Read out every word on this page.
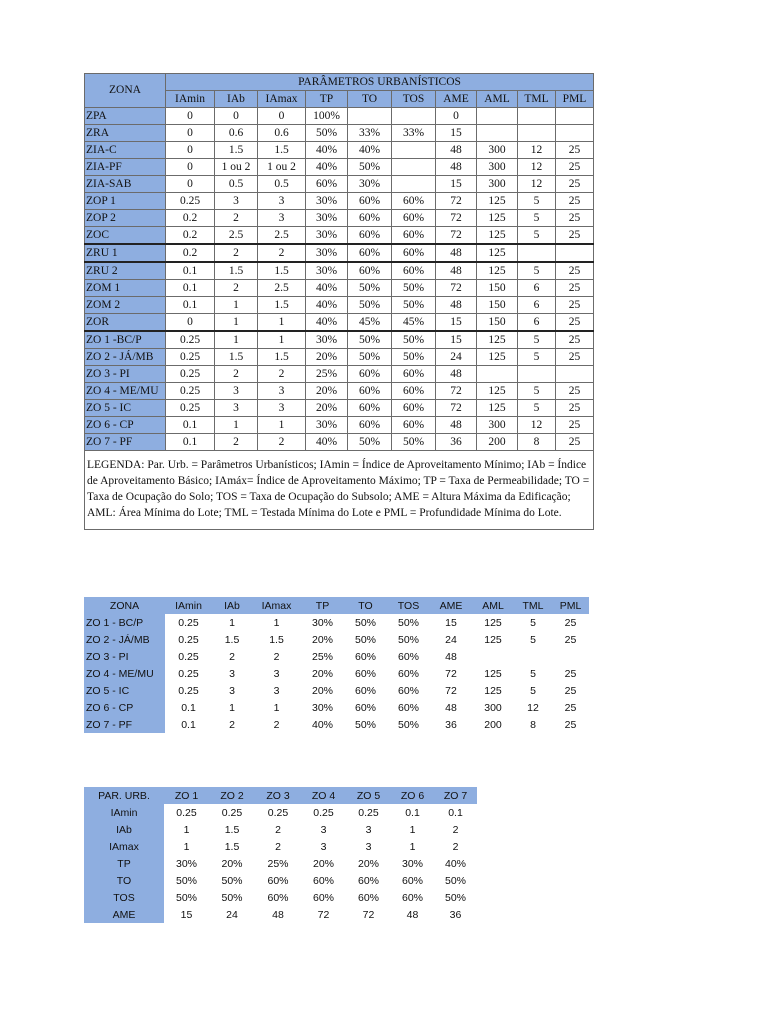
ZONA	PARÂMETROS URBANÍSTICOS									
	IAmin	IAb	IAmax	TP	TO	TOS	AME	AML	TML	PML
ZPA	0	0	0	100%			0			
ZRA	0	0.6	0.6	50%	33%	33%	15			
ZIA-C	0	1.5	1.5	40%	40%		48	300	12	25
ZIA-PF	0	1 ou 2	1 ou 2	40%	50%		48	300	12	25
ZIA-SAB	0	0.5	0.5	60%	30%		15	300	12	25
ZOP 1	0.25	3	3	30%	60%	60%	72	125	5	25
ZOP 2	0.2	2	3	30%	60%	60%	72	125	5	25
ZOC	0.2	2.5	2.5	30%	60%	60%	72	125	5	25
ZRU 1	0.2	2	2	30%	60%	60%	48	125		
ZRU 2	0.1	1.5	1.5	30%	60%	60%	48	125	5	25
ZOM 1	0.1	2	2.5	40%	50%	50%	72	150	6	25
ZOM 2	0.1	1	1.5	40%	50%	50%	48	150	6	25
ZOR	0	1	1	40%	45%	45%	15	150	6	25
ZO 1 -BC/P	0.25	1	1	30%	50%	50%	15	125	5	25
ZO 2 - JÁ/MB	0.25	1.5	1.5	20%	50%	50%	24	125	5	25
ZO 3 - PI	0.25	2	2	25%	60%	60%	48			
ZO 4 - ME/MU	0.25	3	3	20%	60%	60%	72	125	5	25
ZO 5 - IC	0.25	3	3	20%	60%	60%	72	125	5	25
ZO 6 - CP	0.1	1	1	30%	60%	60%	48	300	12	25
ZO 7 - PF	0.1	2	2	40%	50%	50%	36	200	8	25
LEGENDA: Par. Urb. = Parâmetros Urbanísticos; IAmin = Índice de Aproveitamento Mínimo; IAb = Índice de Aproveitamento Básico; IAmáx= Índice de Aproveitamento Máximo; TP = Taxa de Permeabilidade; TO = Taxa de Ocupação do Solo; TOS = Taxa de Ocupação do Subsolo; AME = Altura Máxima da Edificação; AML: Área Mínima do Lote; TML = Testada Mínima do Lote e PML = Profundidade Mínima do Lote.										
ZONA	IAmin	IAb	IAmax	TP	TO	TOS	AME	AML	TML	PML
ZO 1 - BC/P	0.25	1	1	30%	50%	50%	15	125	5	25
ZO 2 - JÁ/MB	0.25	1.5	1.5	20%	50%	50%	24	125	5	25
ZO 3 - PI	0.25	2	2	25%	60%	60%	48			
ZO 4 - ME/MU	0.25	3	3	20%	60%	60%	72	125	5	25
ZO 5 - IC	0.25	3	3	20%	60%	60%	72	125	5	25
ZO 6 - CP	0.1	1	1	30%	60%	60%	48	300	12	25
ZO 7 - PF	0.1	2	2	40%	50%	50%	36	200	8	25
PAR. URB.	ZO 1	ZO 2	ZO 3	ZO 4	ZO 5	ZO 6	ZO 7
IAmin	0.25	0.25	0.25	0.25	0.25	0.1	0.1
IAb	1	1.5	2	3	3	1	2
IAmax	1	1.5	2	3	3	1	2
TP	30%	20%	25%	20%	20%	30%	40%
TO	50%	50%	60%	60%	60%	60%	50%
TOS	50%	50%	60%	60%	60%	60%	50%
AME	15	24	48	72	72	48	36
